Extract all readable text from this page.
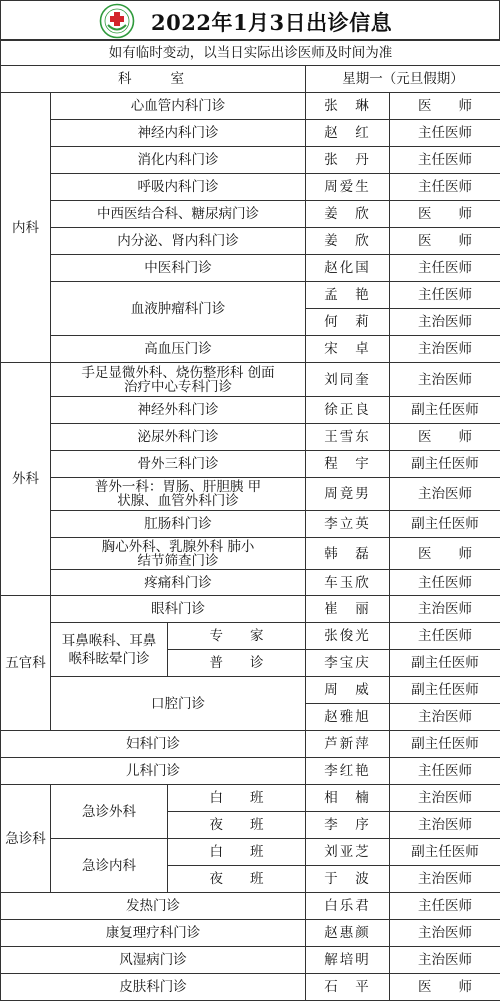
2022年1月3日出诊信息
如有临时变动，以当日实际出诊医师及时间为准				
科　　室			星期一（元旦假期）	
内科	心血管内科门诊		张　琳	医　　师
	神经内科门诊		赵　红	主任医师
	消化内科门诊		张　丹	主任医师
	呼吸内科门诊		周爱生	主任医师
	中西医结合科、糖尿病门诊		姜　欣	医　　师
	内分泌、肾内科门诊		姜　欣	医　　师
	中医科门诊		赵化国	主任医师
	血液肿瘤科门诊		孟　艳	主任医师
			何　莉	主治医师
	高血压门诊		宋　卓	主治医师
外科	手足显微外科、烧伤整形科 创面治疗中心专科门诊		刘同奎	主治医师
	神经外科门诊		徐正良	副主任医师
	泌尿外科门诊		王雪东	医　　师
	骨外三科门诊		程　宇	副主任医师
	普外一科：胃肠、肝胆胰 甲状腺、血管外科门诊		周竟男	主治医师
	肛肠科门诊		李立英	副主任医师
	胸心外科、乳腺外科 肺小结节筛查门诊		韩　磊	医　　师
	疼痛科门诊		车玉欣	主任医师
五官科	眼科门诊		崔　丽	主治医师
	耳鼻喉科、耳鼻喉科眩晕门诊	专　　家	张俊光	主任医师
		普　　诊	李宝庆	副主任医师
	口腔门诊		周　威	副主任医师
			赵雅旭	主治医师
妇科门诊			芦新萍	副主任医师
儿科门诊			李红艳	主任医师
急诊科	急诊外科	白　　班	相　楠	主治医师
		夜　　班	李　序	主治医师
	急诊内科	白　　班	刘亚芝	副主任医师
		夜　　班	于　波	主治医师
发热门诊			白乐君	主任医师
康复理疗科门诊			赵惠颜	主治医师
风湿病门诊			解培明	主治医师
皮肤科门诊			石　平	医　　师
